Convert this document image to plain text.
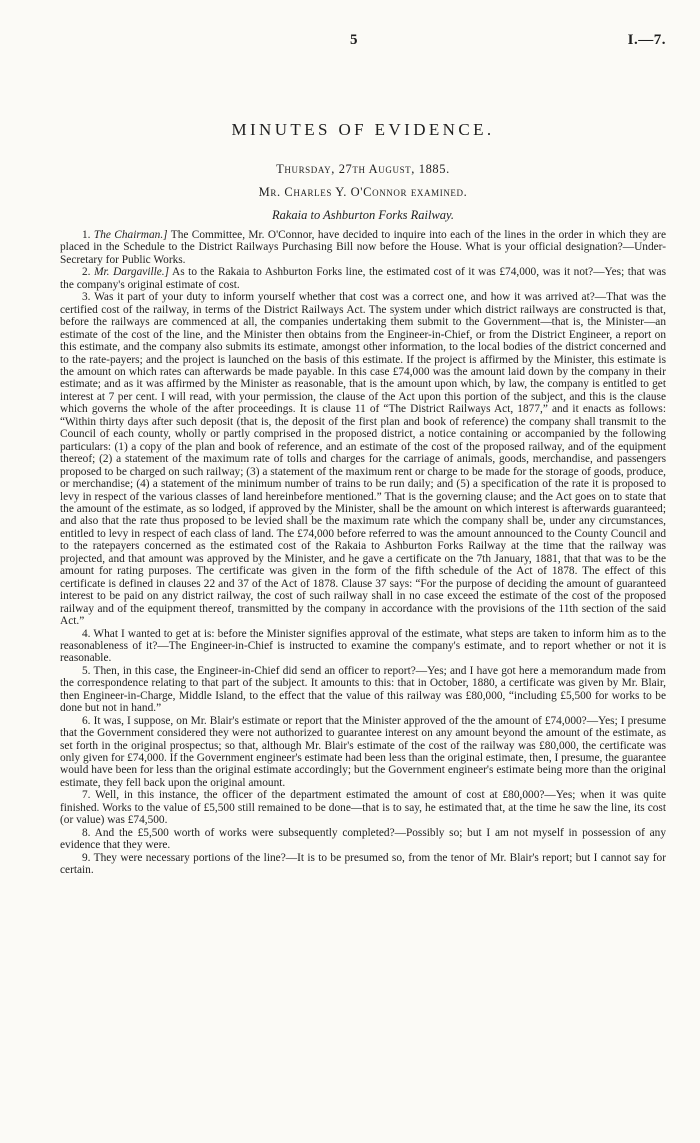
5	I.—7.
MINUTES OF EVIDENCE.
Thursday, 27th August, 1885.
Mr. Charles Y. O'Connor examined.
Rakaia to Ashburton Forks Railway.

1. The Chairman.] The Committee, Mr. O'Connor, have decided to inquire into each of the lines in the order in which they are placed in the Schedule to the District Railways Purchasing Bill now before the House. What is your official designation?—Under-Secretary for Public Works.

2. Mr. Dargaville.] As to the Rakaia to Ashburton Forks line, the estimated cost of it was £74,000, was it not?—Yes; that was the company's original estimate of cost.

3. Was it part of your duty to inform yourself whether that cost was a correct one, and how it was arrived at?—That was the certified cost of the railway, in terms of the District Railways Act. The system under which district railways are constructed is that, before the railways are commenced at all, the companies undertaking them submit to the Government—that is, the Minister—an estimate of the cost of the line, and the Minister then obtains from the Engineer-in-Chief, or from the District Engineer, a report on this estimate, and the company also submits its estimate, amongst other information, to the local bodies of the district concerned and to the rate-payers; and the project is launched on the basis of this estimate. If the project is affirmed by the Minister, this estimate is the amount on which rates can afterwards be made payable. In this case £74,000 was the amount laid down by the company in their estimate; and as it was affirmed by the Minister as reasonable, that is the amount upon which, by law, the company is entitled to get interest at 7 per cent. I will read, with your permission, the clause of the Act upon this portion of the subject, and this is the clause which governs the whole of the after proceedings. It is clause 11 of “The District Railways Act, 1877,” and it enacts as follows: “Within thirty days after such deposit (that is, the deposit of the first plan and book of reference) the company shall transmit to the Council of each county, wholly or partly comprised in the proposed district, a notice containing or accompanied by the following particulars: (1) a copy of the plan and book of reference, and an estimate of the cost of the proposed railway, and of the equipment thereof; (2) a statement of the maximum rate of tolls and charges for the carriage of animals, goods, merchandise, and passengers proposed to be charged on such railway; (3) a statement of the maximum rent or charge to be made for the storage of goods, produce, or merchandise; (4) a statement of the minimum number of trains to be run daily; and (5) a specification of the rate it is proposed to levy in respect of the various classes of land hereinbefore mentioned.” That is the governing clause; and the Act goes on to state that the amount of the estimate, as so lodged, if approved by the Minister, shall be the amount on which interest is afterwards guaranteed; and also that the rate thus proposed to be levied shall be the maximum rate which the company shall be, under any circumstances, entitled to levy in respect of each class of land. The £74,000 before referred to was the amount announced to the County Council and to the ratepayers concerned as the estimated cost of the Rakaia to Ashburton Forks Railway at the time that the railway was projected, and that amount was approved by the Minister, and he gave a certificate on the 7th January, 1881, that that was to be the amount for rating purposes. The certificate was given in the form of the fifth schedule of the Act of 1878. The effect of this certificate is defined in clauses 22 and 37 of the Act of 1878. Clause 37 says: “For the purpose of deciding the amount of guaranteed interest to be paid on any district railway, the cost of such railway shall in no case exceed the estimate of the cost of the proposed railway and of the equipment thereof, transmitted by the company in accordance with the provisions of the 11th section of the said Act.”

4. What I wanted to get at is: before the Minister signifies approval of the estimate, what steps are taken to inform him as to the reasonableness of it?—The Engineer-in-Chief is instructed to examine the company's estimate, and to report whether or not it is reasonable.

5. Then, in this case, the Engineer-in-Chief did send an officer to report?—Yes; and I have got here a memorandum made from the correspondence relating to that part of the subject. It amounts to this: that in October, 1880, a certificate was given by Mr. Blair, then Engineer-in-Charge, Middle Island, to the effect that the value of this railway was £80,000, “including £5,500 for works to be done but not in hand.”

6. It was, I suppose, on Mr. Blair's estimate or report that the Minister approved of the the amount of £74,000?—Yes; I presume that the Government considered they were not authorized to guarantee interest on any amount beyond the amount of the estimate, as set forth in the original prospectus; so that, although Mr. Blair's estimate of the cost of the railway was £80,000, the certificate was only given for £74,000. If the Government engineer's estimate had been less than the original estimate, then, I presume, the guarantee would have been for less than the original estimate accordingly; but the Government engineer's estimate being more than the original estimate, they fell back upon the original amount.

7. Well, in this instance, the officer of the department estimated the amount of cost at £80,000?—Yes; when it was quite finished. Works to the value of £5,500 still remained to be done—that is to say, he estimated that, at the time he saw the line, its cost (or value) was £74,500.

8. And the £5,500 worth of works were subsequently completed?—Possibly so; but I am not myself in possession of any evidence that they were.

9. They were necessary portions of the line?—It is to be presumed so, from the tenor of Mr. Blair's report; but I cannot say for certain.
